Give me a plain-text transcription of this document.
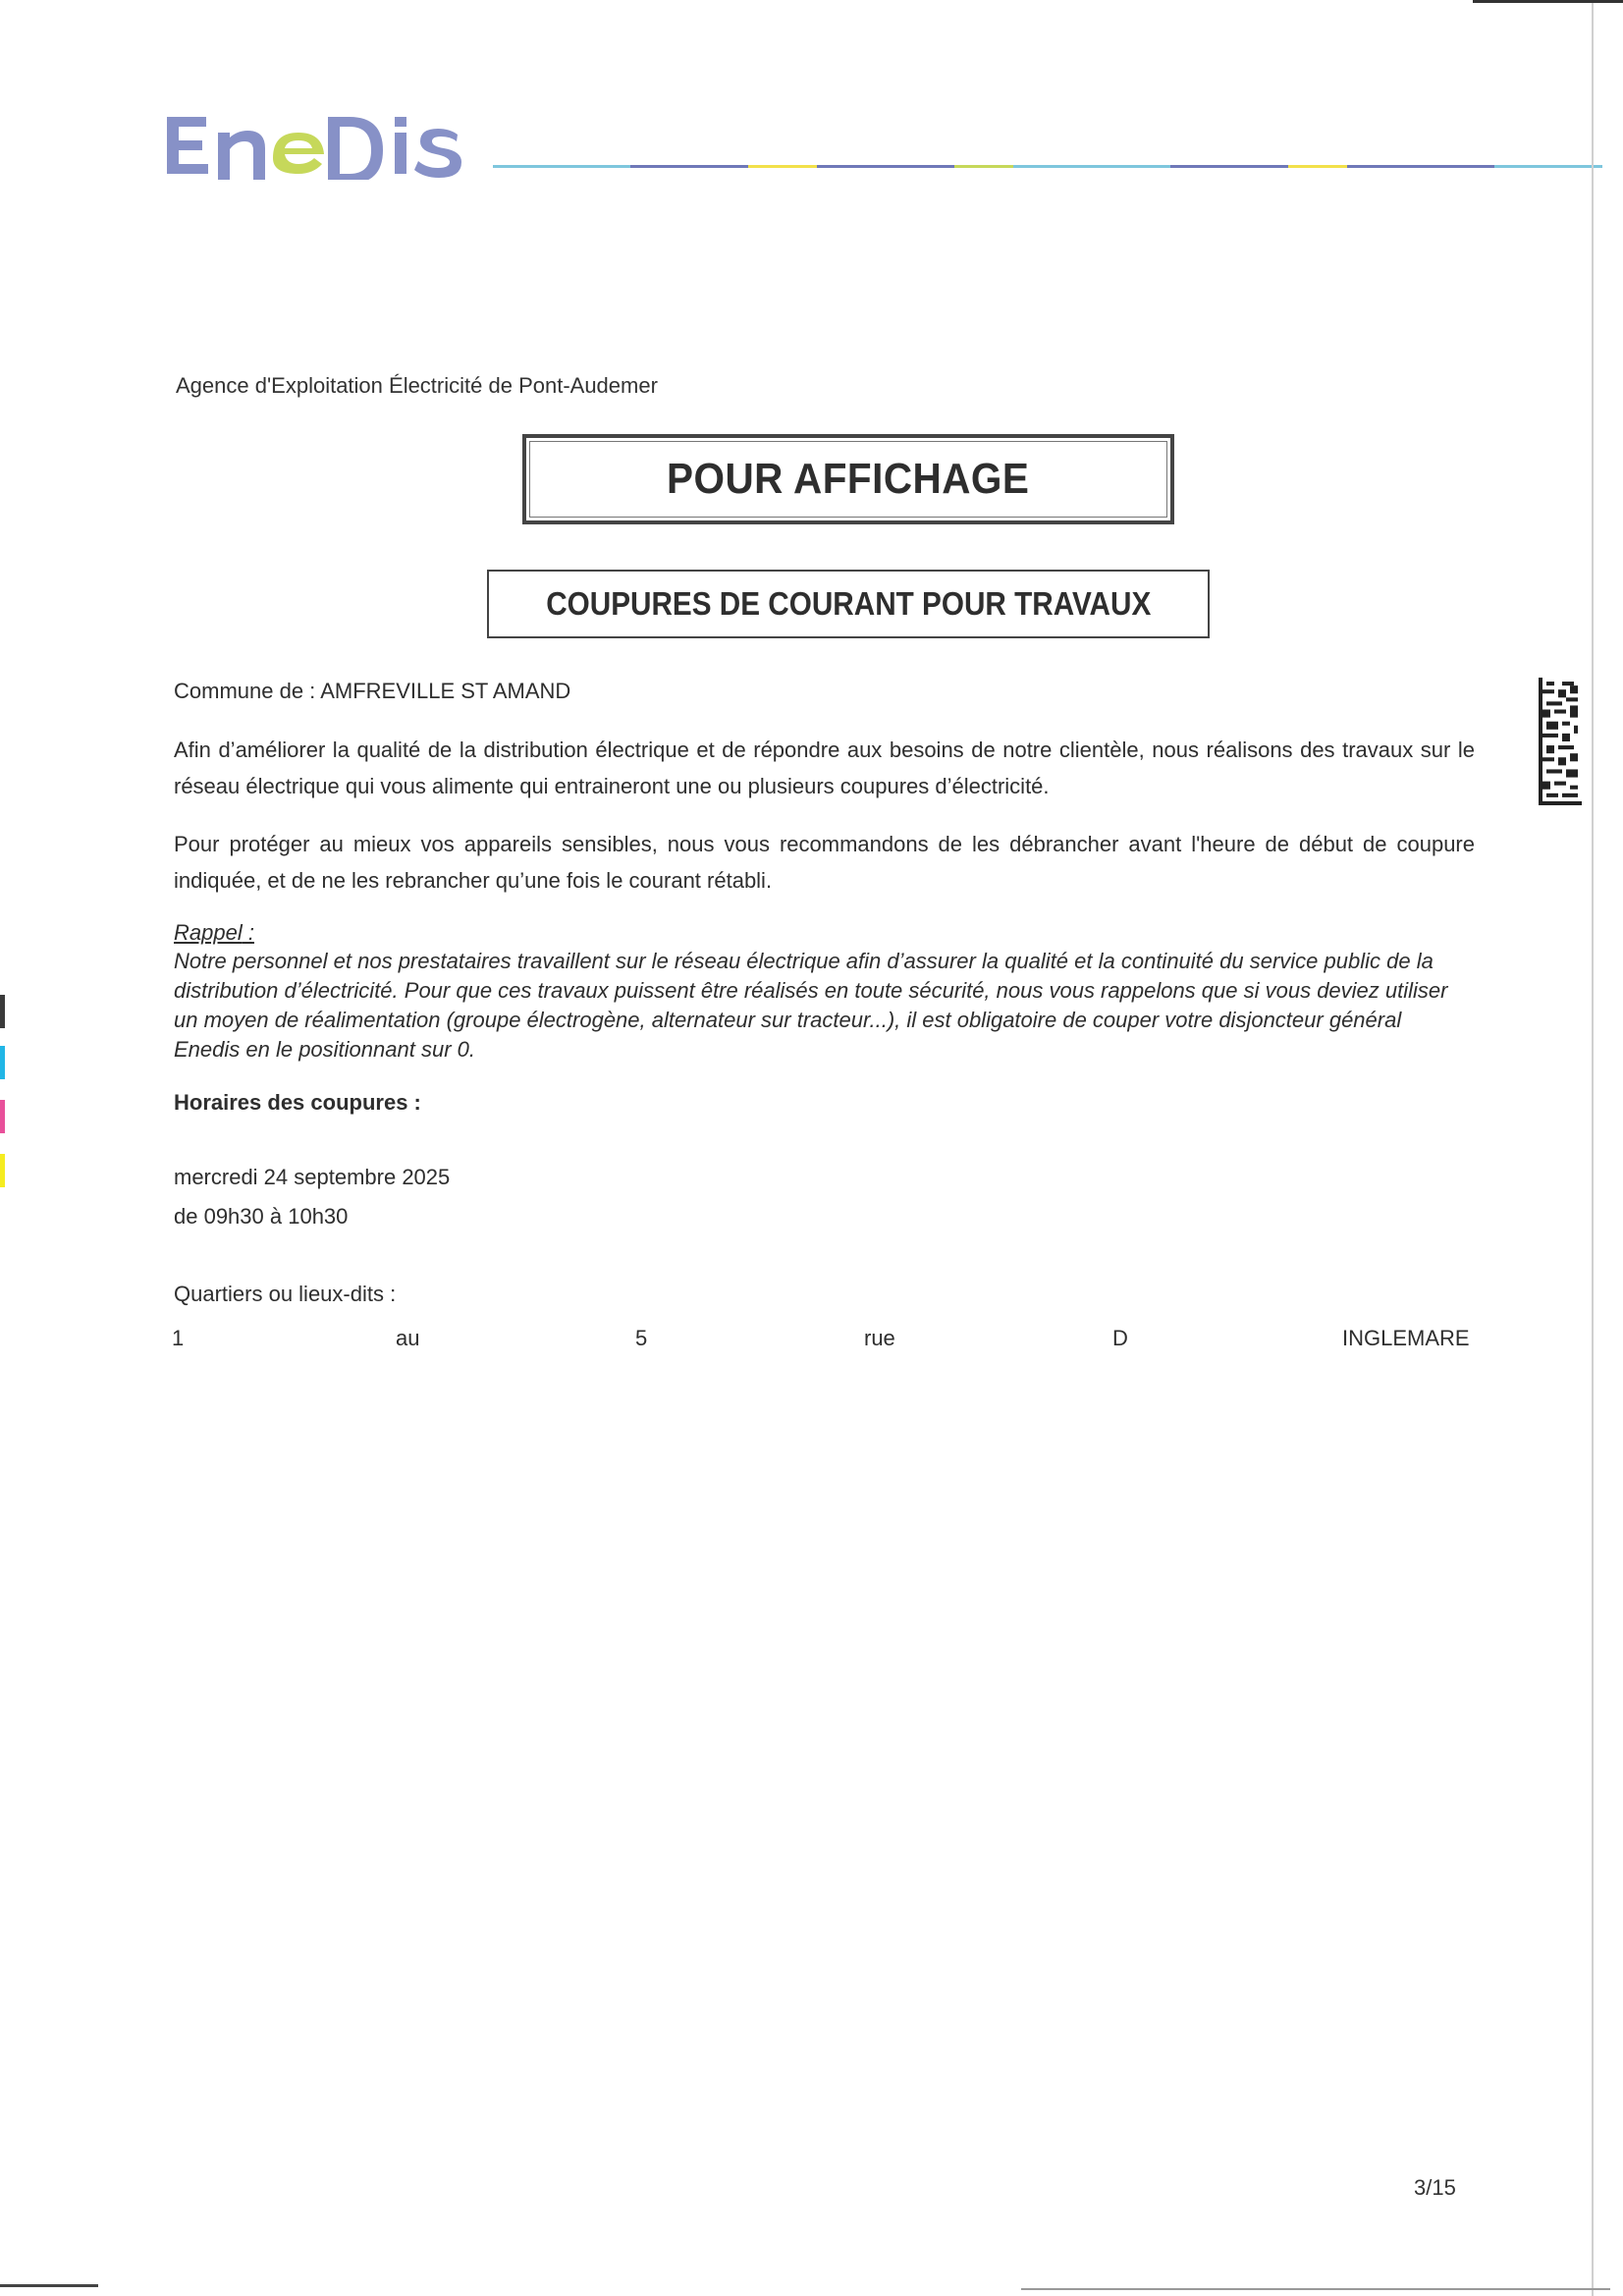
Agence d'Exploitation Électricité de Pont-Audemer
POUR AFFICHAGE
COUPURES DE COURANT POUR TRAVAUX
Commune de : AMFREVILLE ST AMAND
Afin d’améliorer la qualité de la distribution électrique et de répondre aux besoins de notre clientèle, nous réalisons des travaux sur le réseau électrique qui vous alimente qui entraineront une ou plusieurs coupures d’électricité.
Pour protéger au mieux vos appareils sensibles, nous vous recommandons de les débrancher avant l'heure de début de coupure indiquée, et de ne les rebrancher qu’une fois le courant rétabli.
Rappel :
Notre personnel et nos prestataires travaillent sur le réseau électrique afin d’assurer la qualité et la continuité du service public de la distribution d’électricité. Pour que ces travaux puissent être réalisés en toute sécurité, nous vous rappelons que si vous deviez utiliser un moyen de réalimentation (groupe électrogène, alternateur sur tracteur...), il est obligatoire de couper votre disjoncteur général Enedis en le positionnant sur 0.
Horaires des coupures :
mercredi 24 septembre 2025
de 09h30 à 10h30
Quartiers ou lieux-dits :
1	au	5	rue	D	INGLEMARE
3/15
